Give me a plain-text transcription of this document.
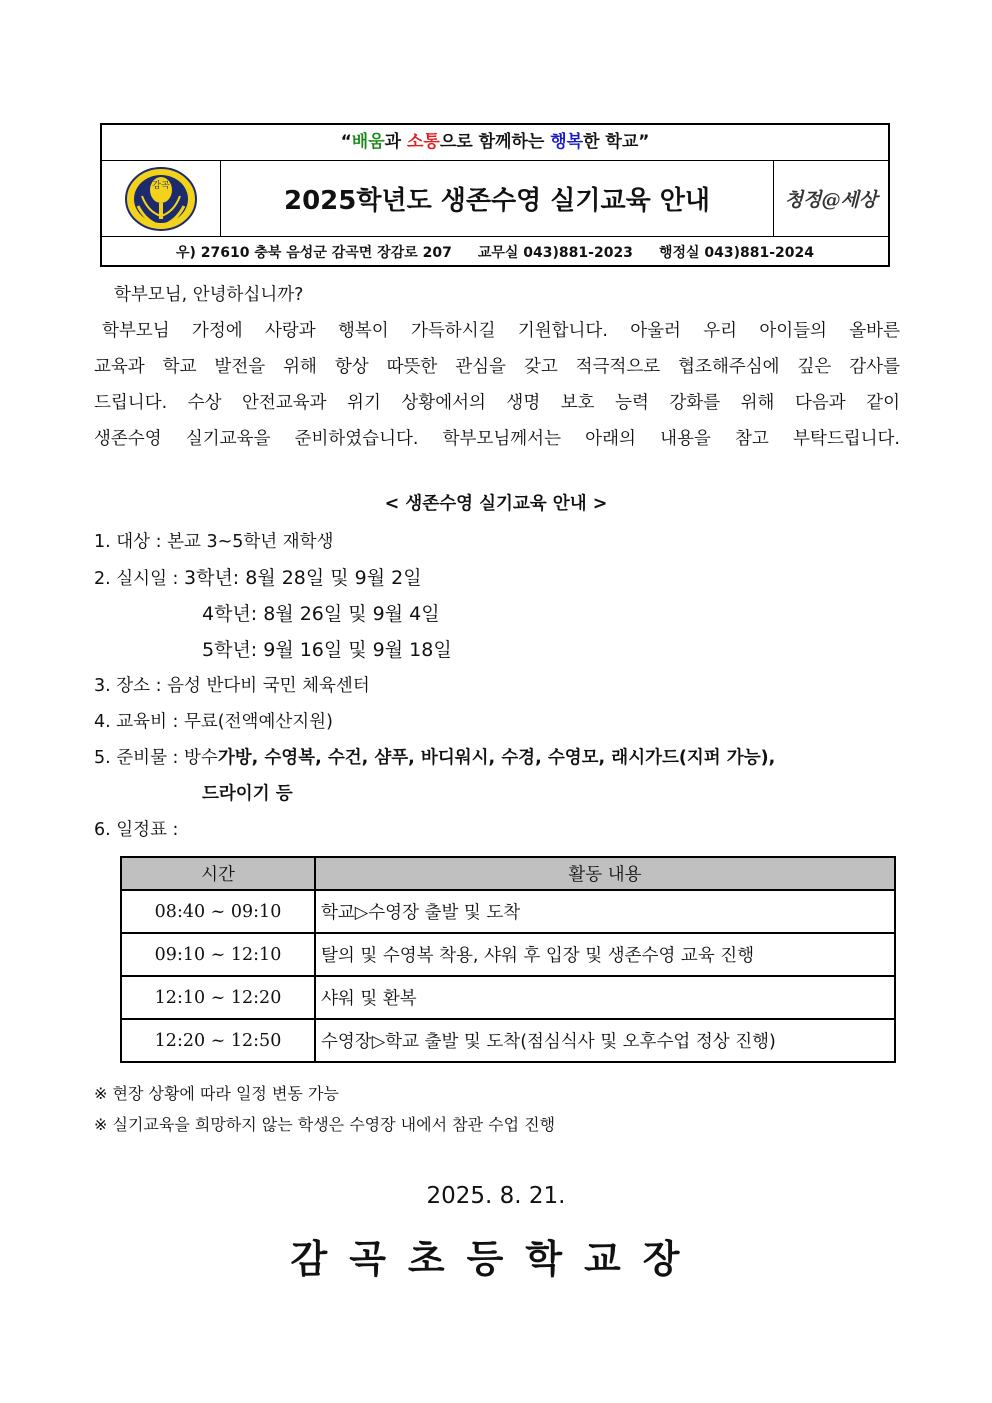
“배움과 소통으로 함께하는 행복한 학교”
감곡
2025학년도 생존수영 실기교육 안내	청정@세상
우) 27610 충북 음성군 감곡면 장감로 207 교무실 043)881-2023 행정실 043)881-2024

학부모님, 안녕하십니까?

학부모님 가정에 사랑과 행복이 가득하시길 기원합니다. 아울러 우리 아이들의 올바른

교육과 학교 발전을 위해 항상 따뜻한 관심을 갖고 적극적으로 협조해주심에 깊은 감사를

드립니다. 수상 안전교육과 위기 상황에서의 생명 보호 능력 강화를 위해 다음과 같이

생존수영 실기교육을 준비하였습니다. 학부모님께서는 아래의 내용을 참고 부탁드립니다.

< 생존수영 실기교육 안내 >
1. 대상 : 본교 3~5학년 재학생
2. 실시일 : 3학년: 8월 28일 및 9월 2일
4학년: 8월 26일 및 9월 4일
5학년: 9월 16일 및 9월 18일
3. 장소 : 음성 반다비 국민 체육센터
4. 교육비 : 무료(전액예산지원)
5. 준비물 : 방수가방, 수영복, 수건, 샴푸, 바디워시, 수경, 수영모, 래시가드(지퍼 가능),
드라이기 등
6. 일정표 :
시간	활동 내용
08:40 ~ 09:10	학교▷수영장 출발 및 도착
09:10 ~ 12:10	탈의 및 수영복 착용, 샤워 후 입장 및 생존수영 교육 진행
12:10 ~ 12:20	샤워 및 환복
12:20 ~ 12:50	수영장▷학교 출발 및 도착(점심식사 및 오후수업 정상 진행)
※ 현장 상황에 따라 일정 변동 가능
※ 실기교육을 희망하지 않는 학생은 수영장 내에서 참관 수업 진행
2025. 8. 21.
감곡초등학교장
